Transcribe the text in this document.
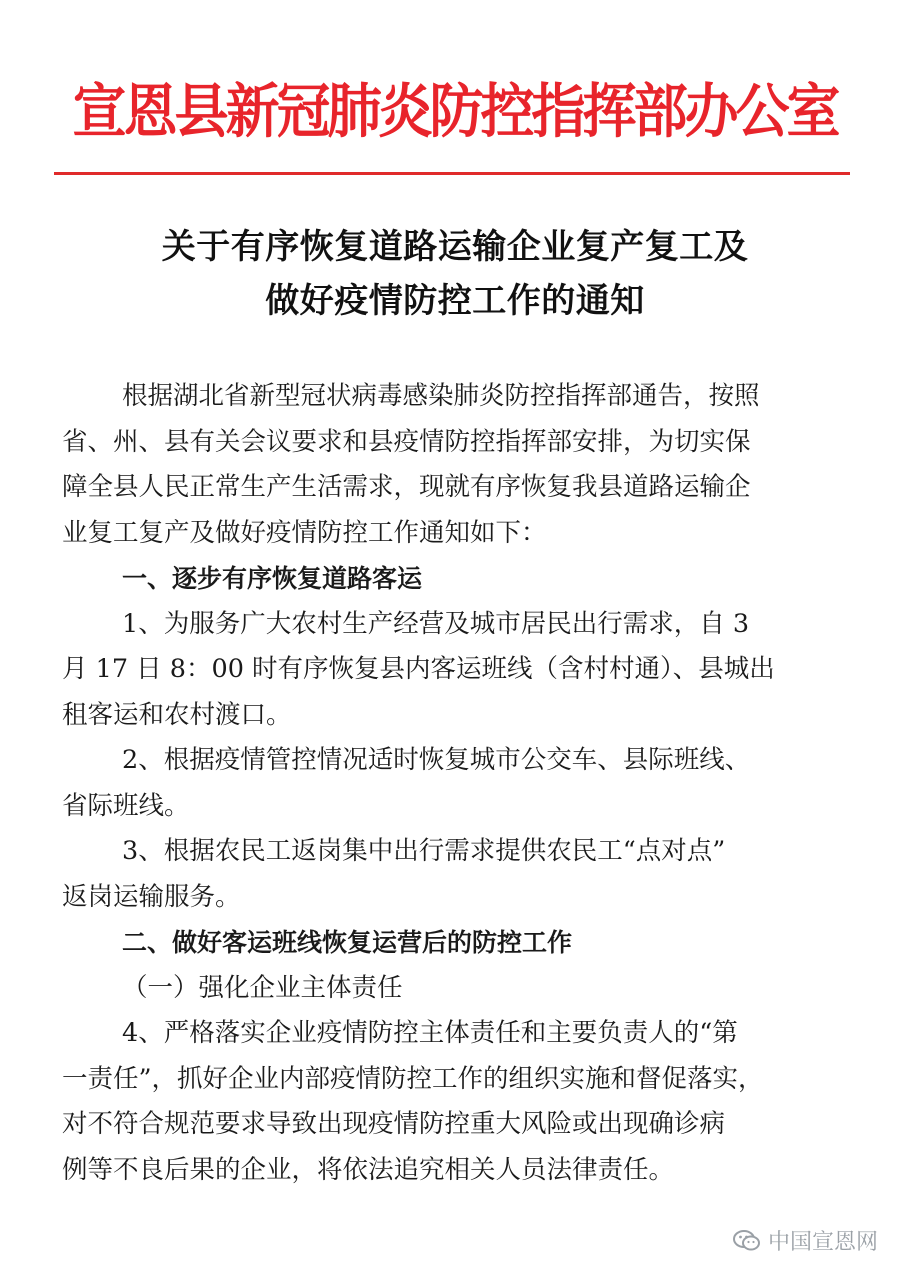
宣恩县新冠肺炎防控指挥部办公室
关于有序恢复道路运输企业复产复工及
做好疫情防控工作的通知
根据湖北省新型冠状病毒感染肺炎防控指挥部通告，按照
省、州、县有关会议要求和县疫情防控指挥部安排，为切实保
障全县人民正常生产生活需求，现就有序恢复我县道路运输企
业复工复产及做好疫情防控工作通知如下：
一、逐步有序恢复道路客运
1、为服务广大农村生产经营及城市居民出行需求，自 3
月 17 日 8：00 时有序恢复县内客运班线（含村村通）、县城出
租客运和农村渡口。
2、根据疫情管控情况适时恢复城市公交车、县际班线、
省际班线。
3、根据农民工返岗集中出行需求提供农民工“点对点”
返岗运输服务。
二、做好客运班线恢复运营后的防控工作
（一）强化企业主体责任
4、严格落实企业疫情防控主体责任和主要负责人的“第
一责任”，抓好企业内部疫情防控工作的组织实施和督促落实，
对不符合规范要求导致出现疫情防控重大风险或出现确诊病
例等不良后果的企业，将依法追究相关人员法律责任。
中国宣恩网
